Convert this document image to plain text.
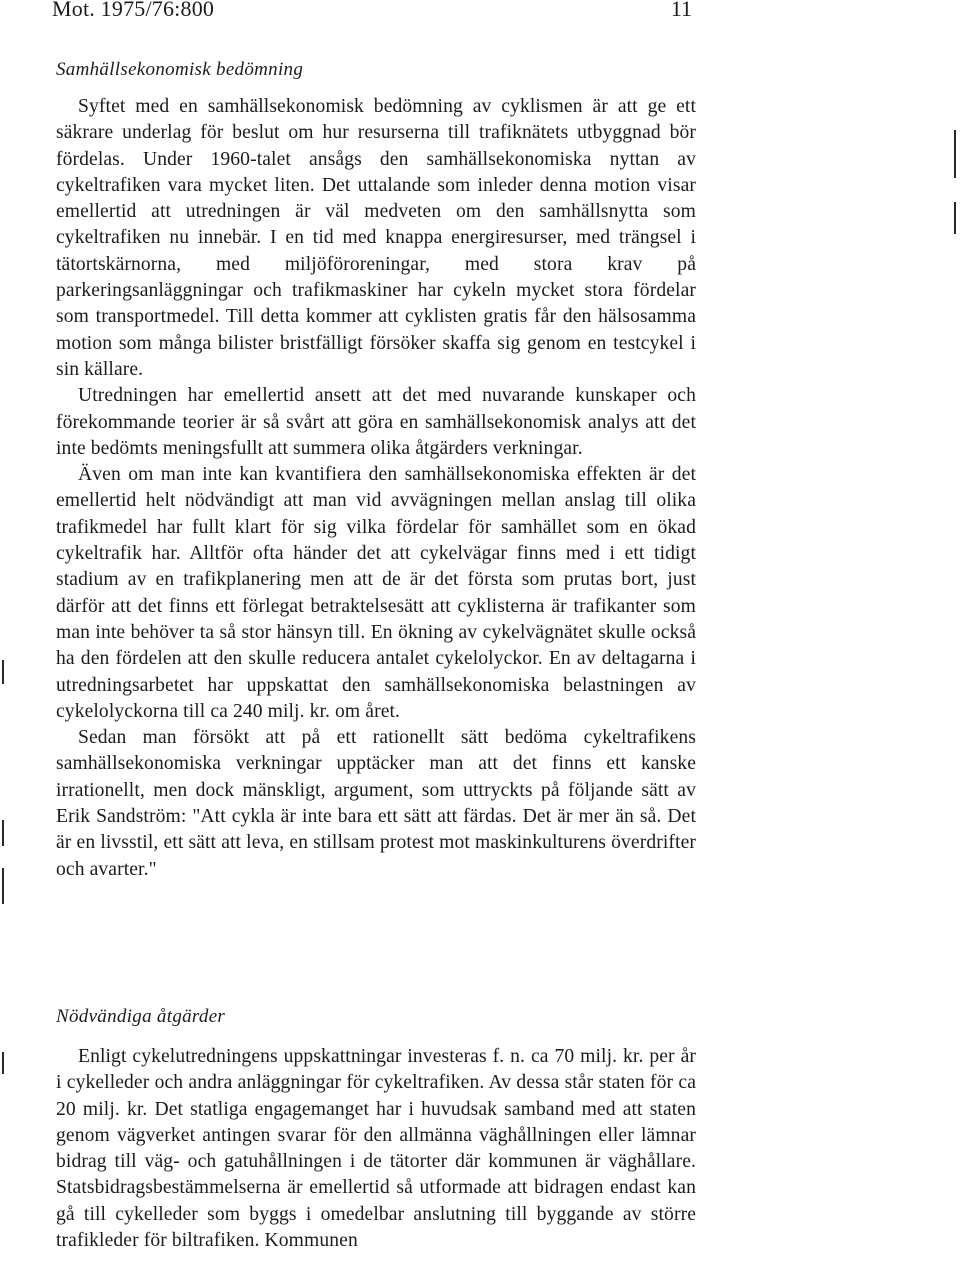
Mot. 1975/76:800	11
Samhällsekonomisk bedömning

Syftet med en samhällsekonomisk bedömning av cyklismen är att ge ett säkrare underlag för beslut om hur resurserna till trafiknätets utbyggnad bör fördelas. Under 1960-talet ansågs den samhällsekonomiska nyttan av cykeltrafiken vara mycket liten. Det uttalande som inleder denna motion visar emellertid att utredningen är väl medveten om den samhällsnytta som cykeltrafiken nu innebär. I en tid med knappa energiresurser, med trängsel i tätortskärnorna, med miljöföroreningar, med stora krav på parkeringsanläggningar och trafikmaskiner har cykeln mycket stora fördelar som transportmedel. Till detta kommer att cyklisten gratis får den hälsosamma motion som många bilister bristfälligt försöker skaffa sig genom en testcykel i sin källare.

Utredningen har emellertid ansett att det med nuvarande kunskaper och förekommande teorier är så svårt att göra en samhällsekonomisk analys att det inte bedömts meningsfullt att summera olika åtgärders verkningar.

Även om man inte kan kvantifiera den samhällsekonomiska effekten är det emellertid helt nödvändigt att man vid avvägningen mellan anslag till olika trafikmedel har fullt klart för sig vilka fördelar för samhället som en ökad cykeltrafik har. Alltför ofta händer det att cykelvägar finns med i ett tidigt stadium av en trafikplanering men att de är det första som prutas bort, just därför att det finns ett förlegat betraktelsesätt att cyklisterna är trafikanter som man inte behöver ta så stor hänsyn till. En ökning av cykelvägnätet skulle också ha den fördelen att den skulle reducera antalet cykelolyckor. En av deltagarna i utredningsarbetet har uppskattat den samhällsekonomiska belastningen av cykelolyckorna till ca 240 milj. kr. om året.

Sedan man försökt att på ett rationellt sätt bedöma cykeltrafikens samhällsekonomiska verkningar upptäcker man att det finns ett kanske irrationellt, men dock mänskligt, argument, som uttryckts på följande sätt av Erik Sandström: "Att cykla är inte bara ett sätt att färdas. Det är mer än så. Det är en livsstil, ett sätt att leva, en stillsam protest mot maskinkulturens överdrifter och avarter."

Nödvändiga åtgärder

Enligt cykelutredningens uppskattningar investeras f. n. ca 70 milj. kr. per år i cykelleder och andra anläggningar för cykeltrafiken. Av dessa står staten för ca 20 milj. kr. Det statliga engagemanget har i huvudsak samband med att staten genom vägverket antingen svarar för den allmänna väghållningen eller lämnar bidrag till väg- och gatuhållningen i de tätorter där kommunen är väghållare. Statsbidragsbestämmelserna är emellertid så utformade att bidragen endast kan gå till cykelleder som byggs i omedelbar anslutning till byggande av större trafikleder för biltrafiken. Kommunen
